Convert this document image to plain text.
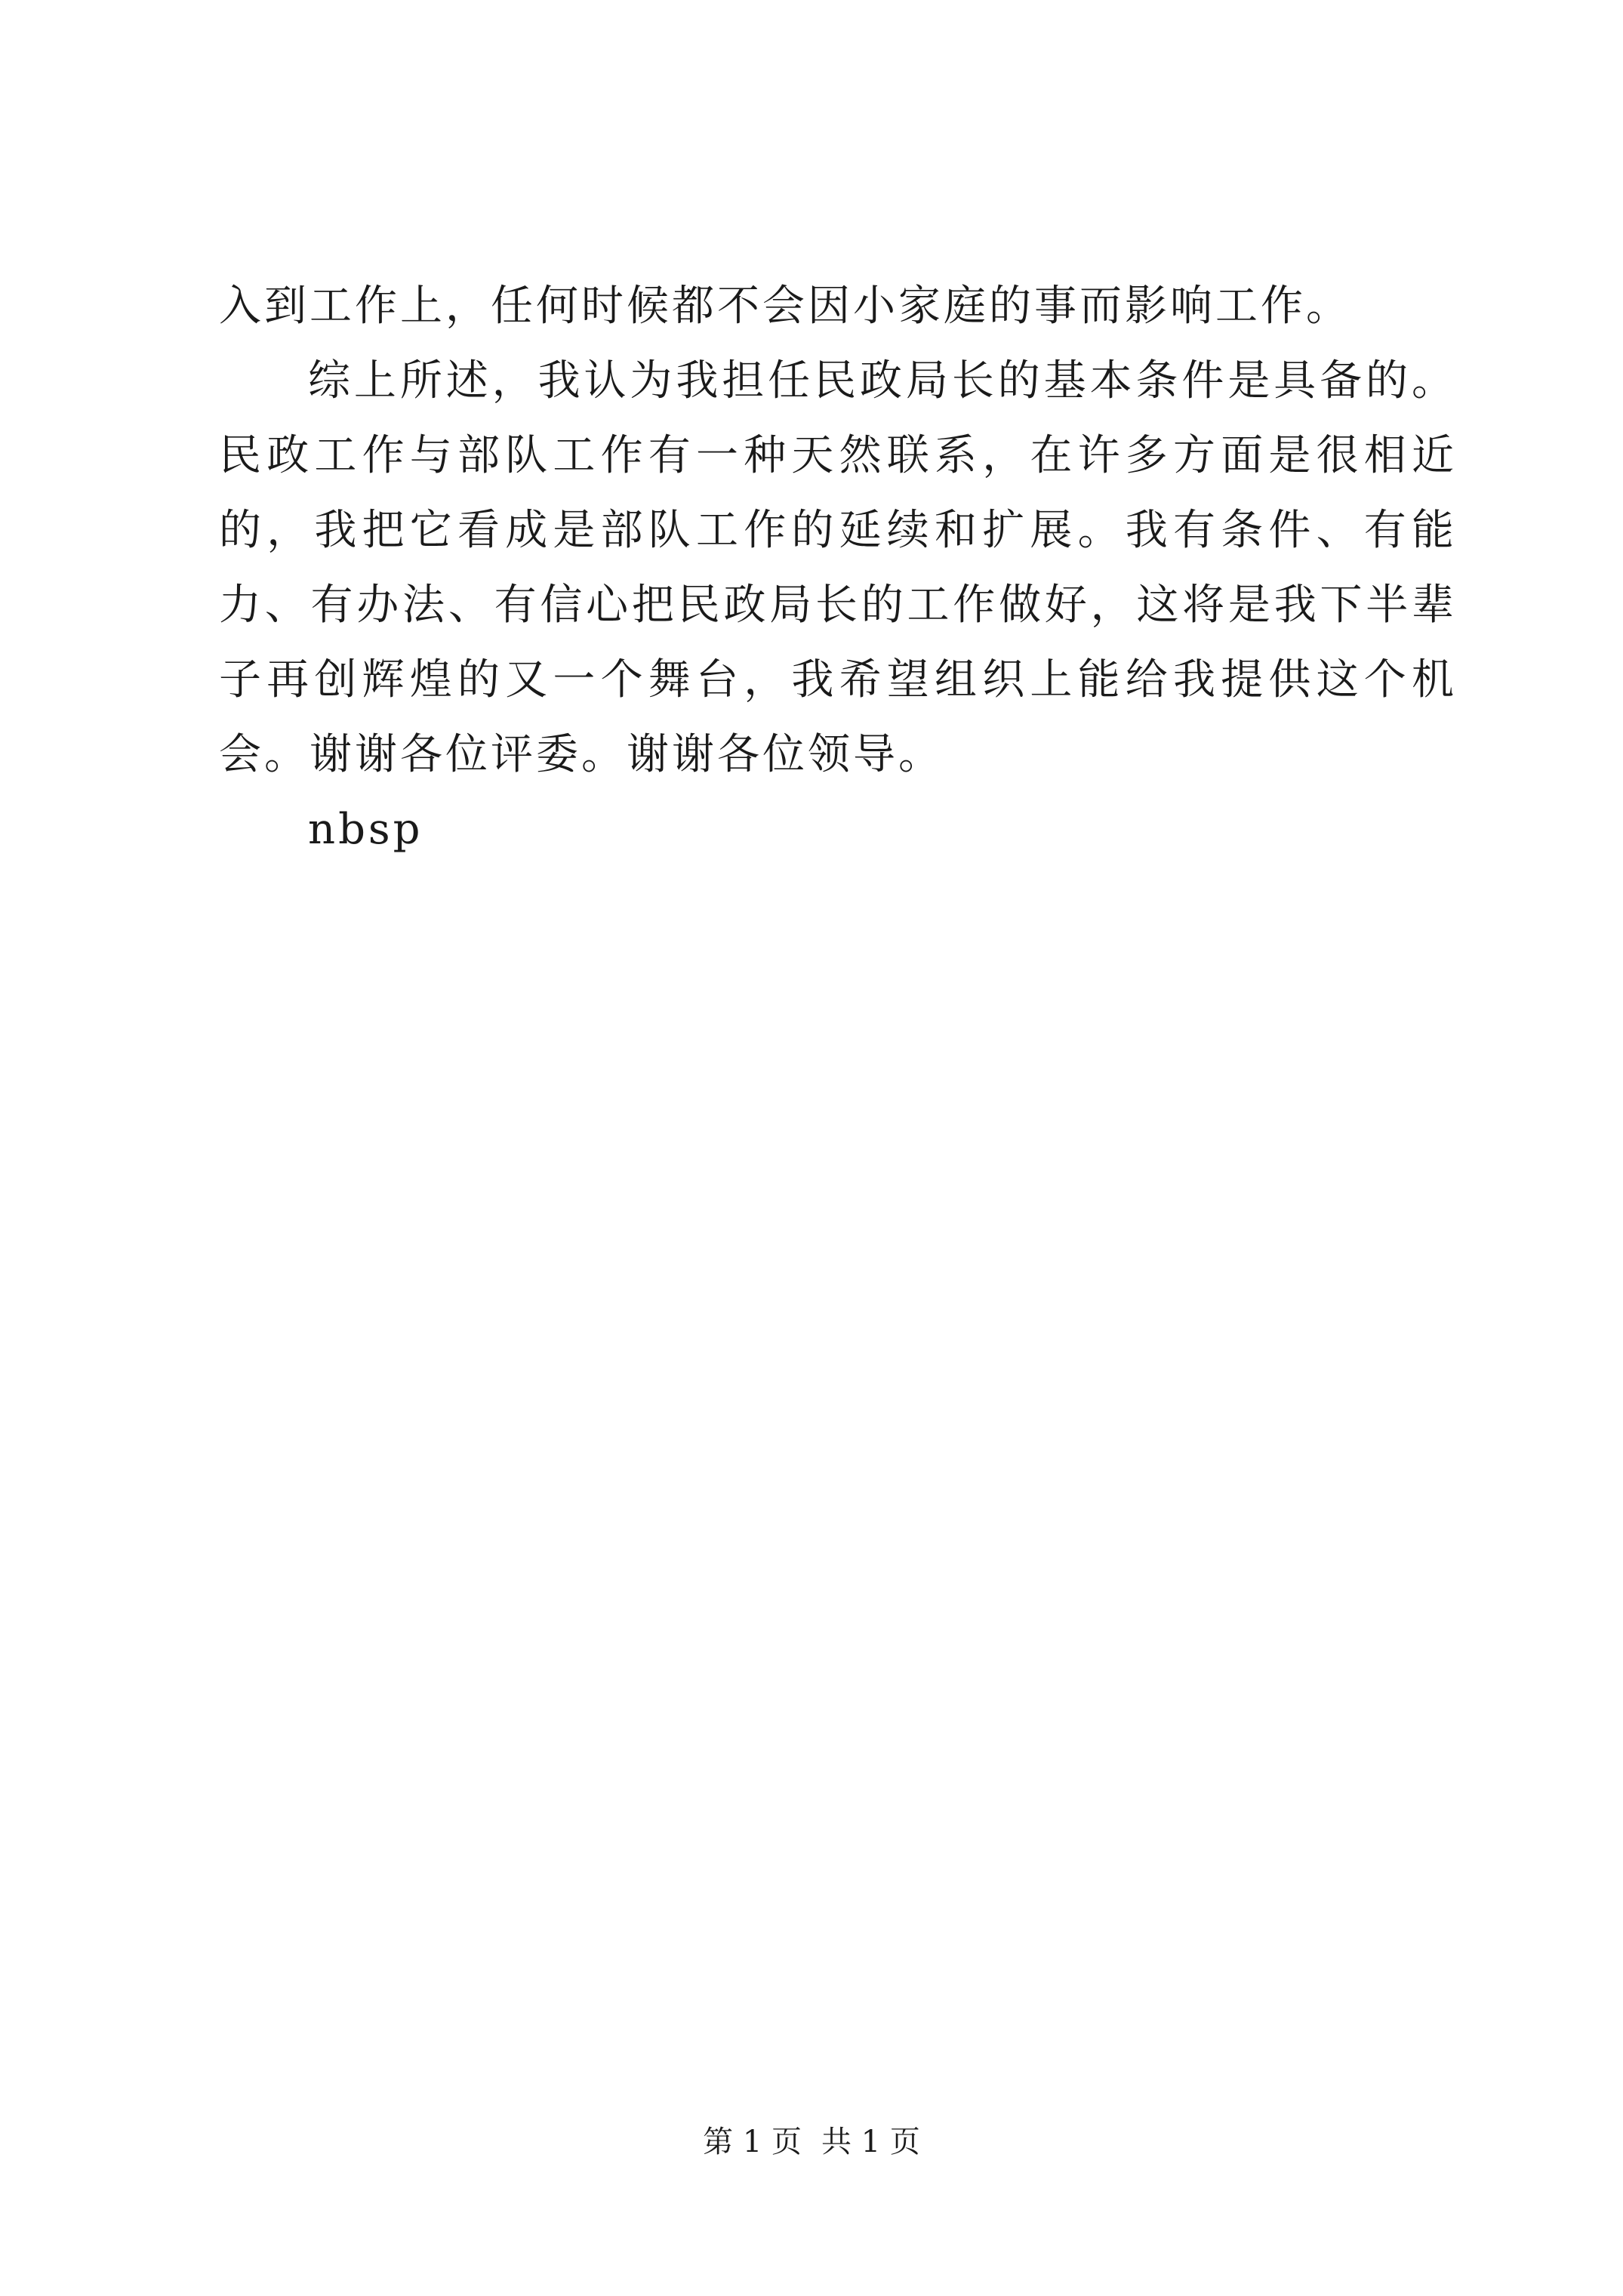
入到工作上，任何时候都不会因小家庭的事而影响工作。

综上所述，我认为我担任民政局长的基本条件是具备的。民政工作与部队工作有一种天然联系，在许多方面是很相近的，我把它看成是部队工作的延续和扩展。我有条件、有能力、有办法、有信心把民政局长的工作做好，这将是我下半辈子再创辉煌的又一个舞台，我希望组织上能给我提供这个机会。谢谢各位评委。谢谢各位领导。

nbsp

第 1 页 共 1 页
